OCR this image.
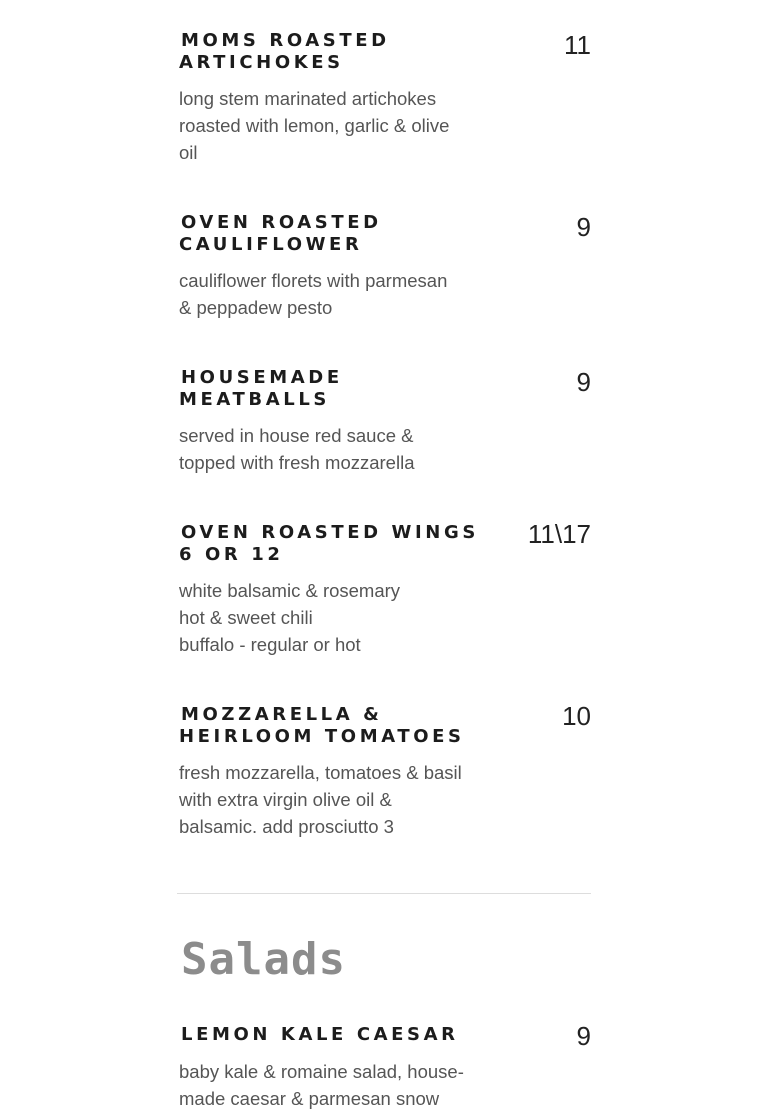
MOMS ROASTED ARTICHOKES
11
long stem marinated artichokes
roasted with lemon, garlic & olive
oil
OVEN ROASTED CAULIFLOWER
9
cauliflower florets with parmesan
& peppadew pesto
HOUSEMADE MEATBALLS
9
served in house red sauce &
topped with fresh mozzarella
OVEN ROASTED WINGS 6 OR 12
11\17
white balsamic & rosemary
hot & sweet chili
buffalo - regular or hot
MOZZARELLA & HEIRLOOM TOMATOES
10
fresh mozzarella, tomatoes & basil
with extra virgin olive oil &
balsamic. add prosciutto 3
LEMON KALE CAESAR	9
baby kale & romaine salad, house-
made caesar & parmesan snow
Salads
